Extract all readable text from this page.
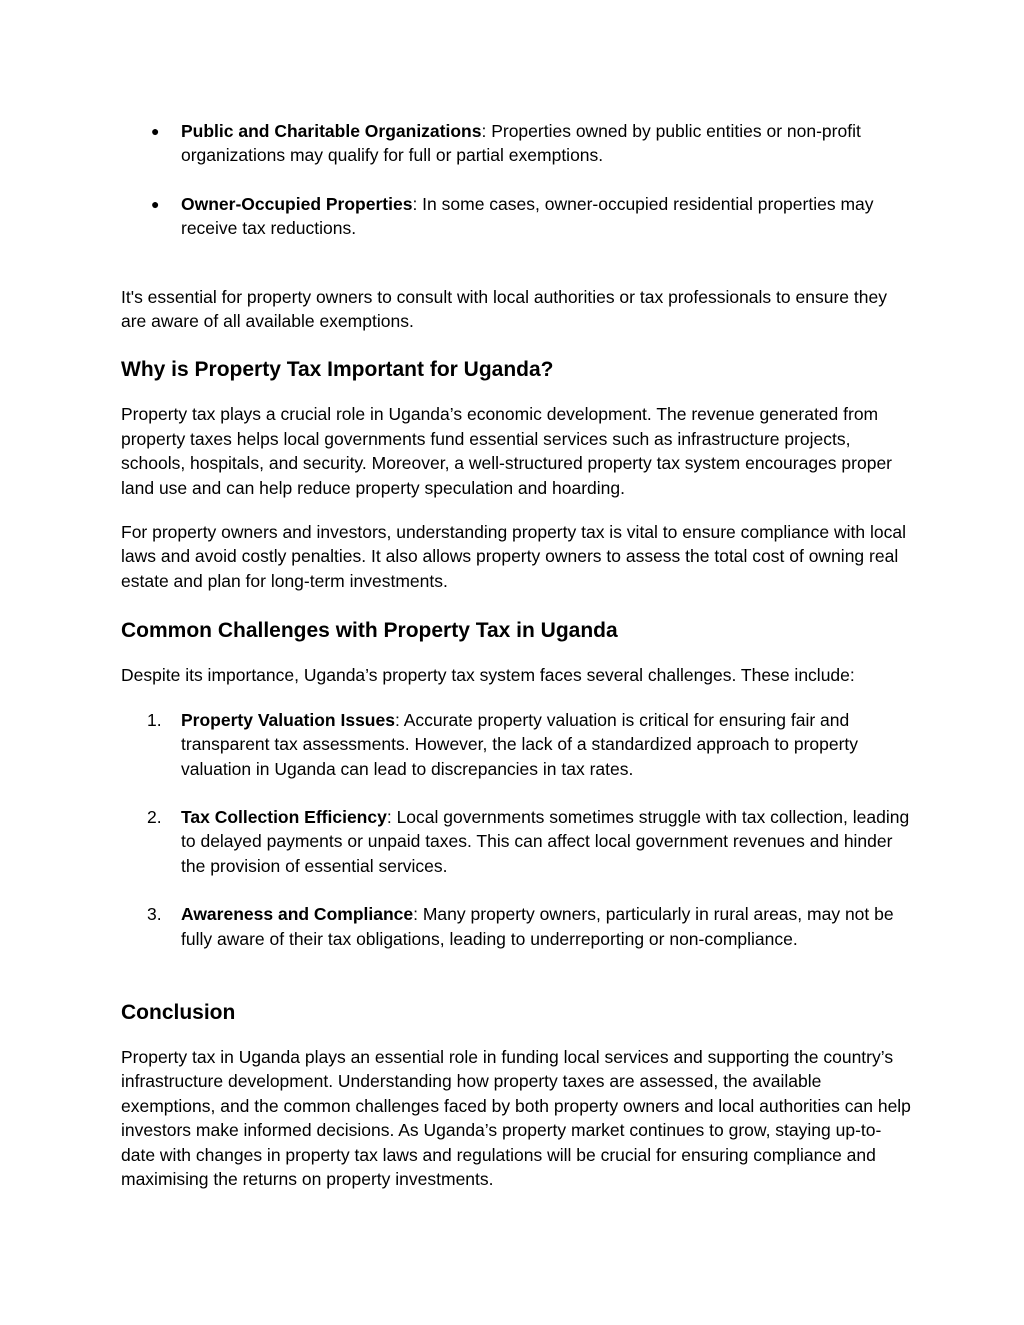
●	Public and Charitable Organizations: Properties owned by public entities or non-profit organizations may qualify for full or partial exemptions.
●	Owner-Occupied Properties: In some cases, owner-occupied residential properties may receive tax reductions.

It's essential for property owners to consult with local authorities or tax professionals to ensure they are aware of all available exemptions.

Why is Property Tax Important for Uganda?

Property tax plays a crucial role in Uganda’s economic development. The revenue generated from property taxes helps local governments fund essential services such as infrastructure projects, schools, hospitals, and security. Moreover, a well-structured property tax system encourages proper land use and can help reduce property speculation and hoarding.

For property owners and investors, understanding property tax is vital to ensure compliance with local laws and avoid costly penalties. It also allows property owners to assess the total cost of owning real estate and plan for long-term investments.

Common Challenges with Property Tax in Uganda

Despite its importance, Uganda’s property tax system faces several challenges. These include:

1.	Property Valuation Issues: Accurate property valuation is critical for ensuring fair and transparent tax assessments. However, the lack of a standardized approach to property valuation in Uganda can lead to discrepancies in tax rates.
2.	Tax Collection Efficiency: Local governments sometimes struggle with tax collection, leading to delayed payments or unpaid taxes. This can affect local government revenues and hinder the provision of essential services.
3.	Awareness and Compliance: Many property owners, particularly in rural areas, may not be fully aware of their tax obligations, leading to underreporting or non-compliance.
Conclusion

Property tax in Uganda plays an essential role in funding local services and supporting the country’s infrastructure development. Understanding how property taxes are assessed, the available exemptions, and the common challenges faced by both property owners and local authorities can help investors make informed decisions. As Uganda’s property market continues to grow, staying up-to-date with changes in property tax laws and regulations will be crucial for ensuring compliance and maximising the returns on property investments.
